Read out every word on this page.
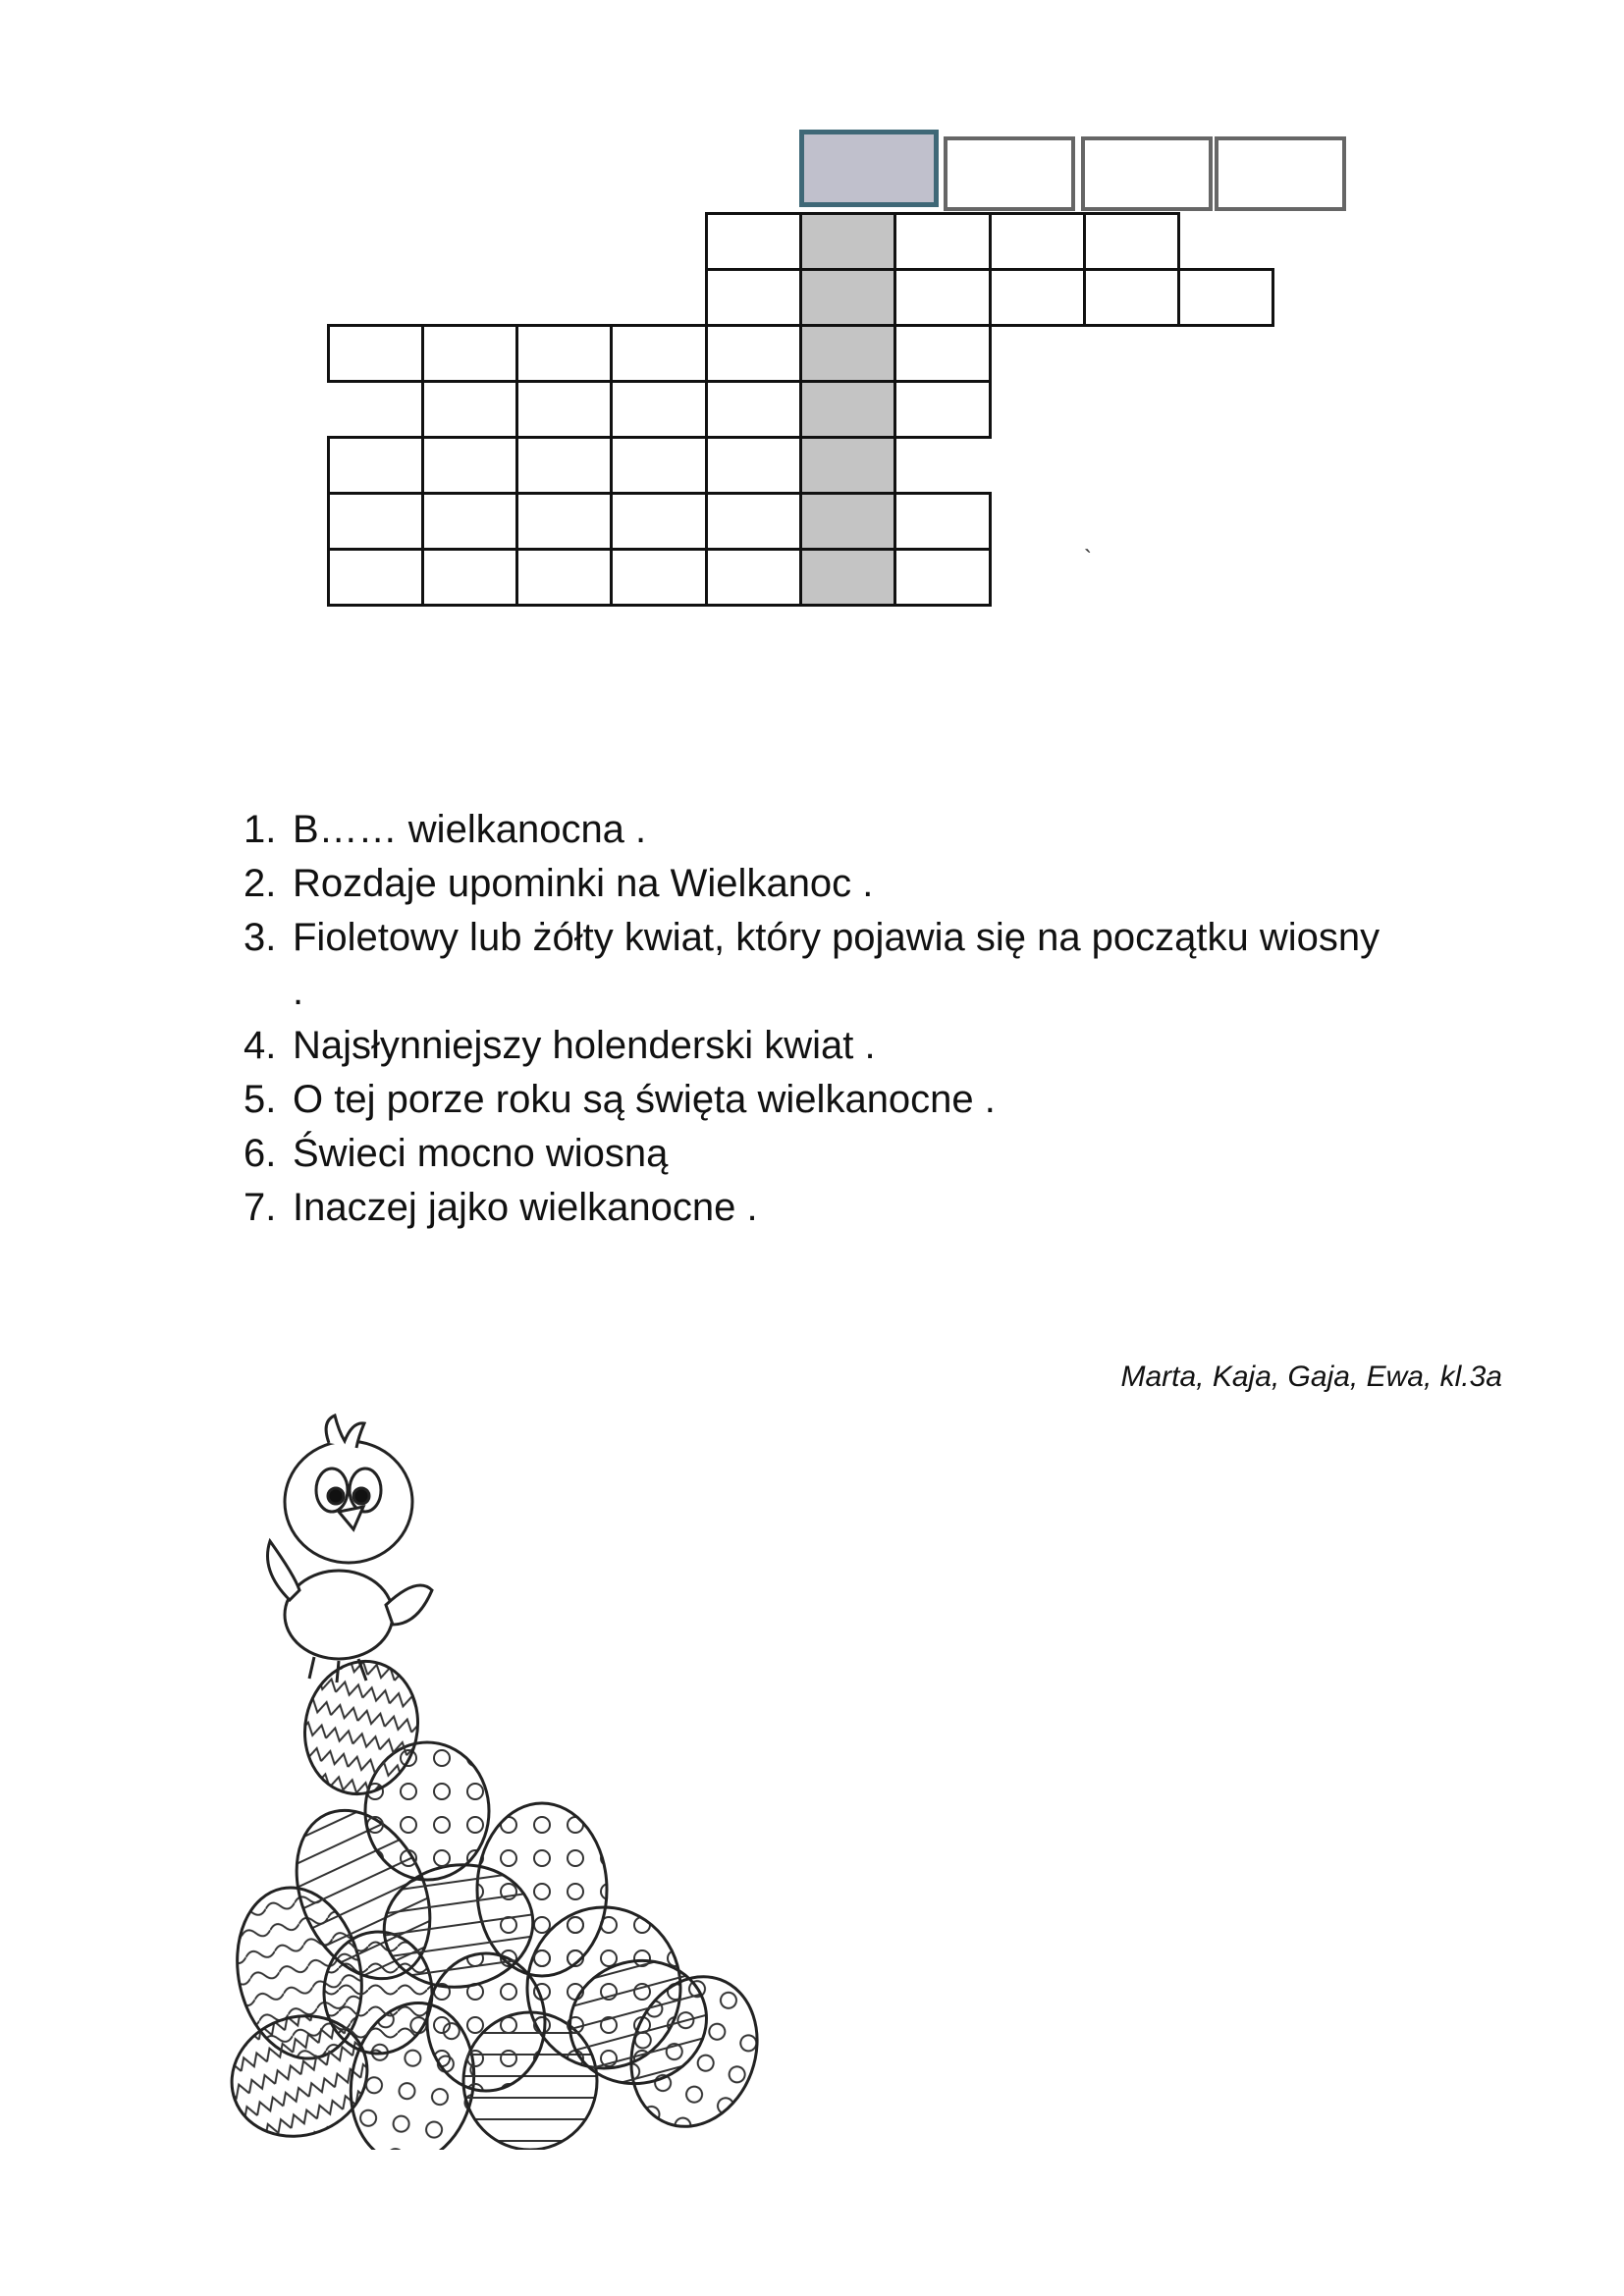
`
1. B…… wielkanocna .
2. Rozdaje upominki na Wielkanoc .
3. Fioletowy lub żółty kwiat, który pojawia się na początku wiosny .
4. Najsłynniejszy holenderski kwiat .
5. O tej porze roku są święta wielkanocne .
6. Świeci mocno wiosną
7. Inaczej jajko wielkanocne .
Marta, Kaja, Gaja, Ewa, kl.3a
